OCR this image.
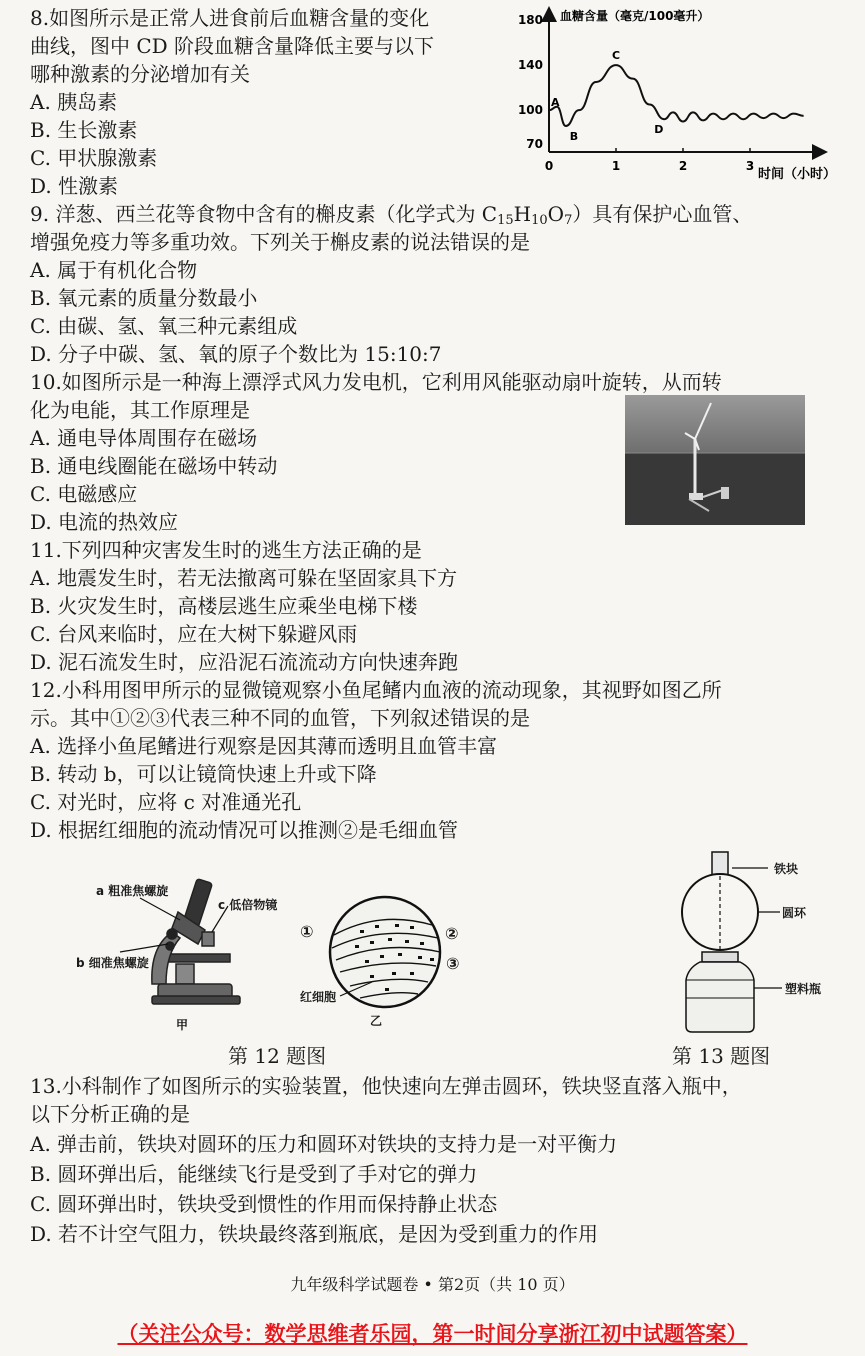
8.如图所示是正常人进食前后血糖含量的变化
曲线，图中 CD 阶段血糖含量降低主要与以下
哪种激素的分泌增加有关
A. 胰岛素
B. 生长激素
C. 甲状腺激素
D. 性激素
血糖含量（毫克/100毫升）
时间（小时）
70
100
140
180
0	1	2	3
A
B
C
D
9. 洋葱、西兰花等食物中含有的槲皮素（化学式为 $C_{15}H_{10}O_7$）具有保护心血管、
增强免疫力等多重功效。下列关于槲皮素的说法错误的是
A. 属于有机化合物
B. 氧元素的质量分数最小
C. 由碳、氢、氧三种元素组成
D. 分子中碳、氢、氧的原子个数比为 15:10:7
10.如图所示是一种海上漂浮式风力发电机，它利用风能驱动扇叶旋转，从而转
化为电能，其工作原理是
A. 通电导体周围存在磁场
B. 通电线圈能在磁场中转动
C. 电磁感应
D. 电流的热效应
11.下列四种灾害发生时的逃生方法正确的是
A. 地震发生时，若无法撤离可躲在坚固家具下方
B. 火灾发生时，高楼层逃生应乘坐电梯下楼
C. 台风来临时，应在大树下躲避风雨
D. 泥石流发生时，应沿泥石流流动方向快速奔跑
12.小科用图甲所示的显微镜观察小鱼尾鳍内血液的流动现象，其视野如图乙所
示。其中①②③代表三种不同的血管，下列叙述错误的是
A. 选择小鱼尾鳍进行观察是因其薄而透明且血管丰富
B. 转动 b，可以让镜筒快速上升或下降
C. 对光时，应将 c 对准通光孔
D. 根据红细胞的流动情况可以推测②是毛细血管
a 粗准焦螺旋
b 细准焦螺旋
c 低倍物镜
甲
①	②
③
红细胞
乙
第 12 题图
铁块
圆环
塑料瓶
第 13 题图
13.小科制作了如图所示的实验装置，他快速向左弹击圆环，铁块竖直落入瓶中，
以下分析正确的是
A. 弹击前，铁块对圆环的压力和圆环对铁块的支持力是一对平衡力
B. 圆环弹出后，能继续飞行是受到了手对它的弹力
C. 圆环弹出时，铁块受到惯性的作用而保持静止状态
D. 若不计空气阻力，铁块最终落到瓶底，是因为受到重力的作用
九年级科学试题卷 • 第2页（共 10 页）
（关注公众号：数学思维者乐园，第一时间分享浙江初中试题答案）
